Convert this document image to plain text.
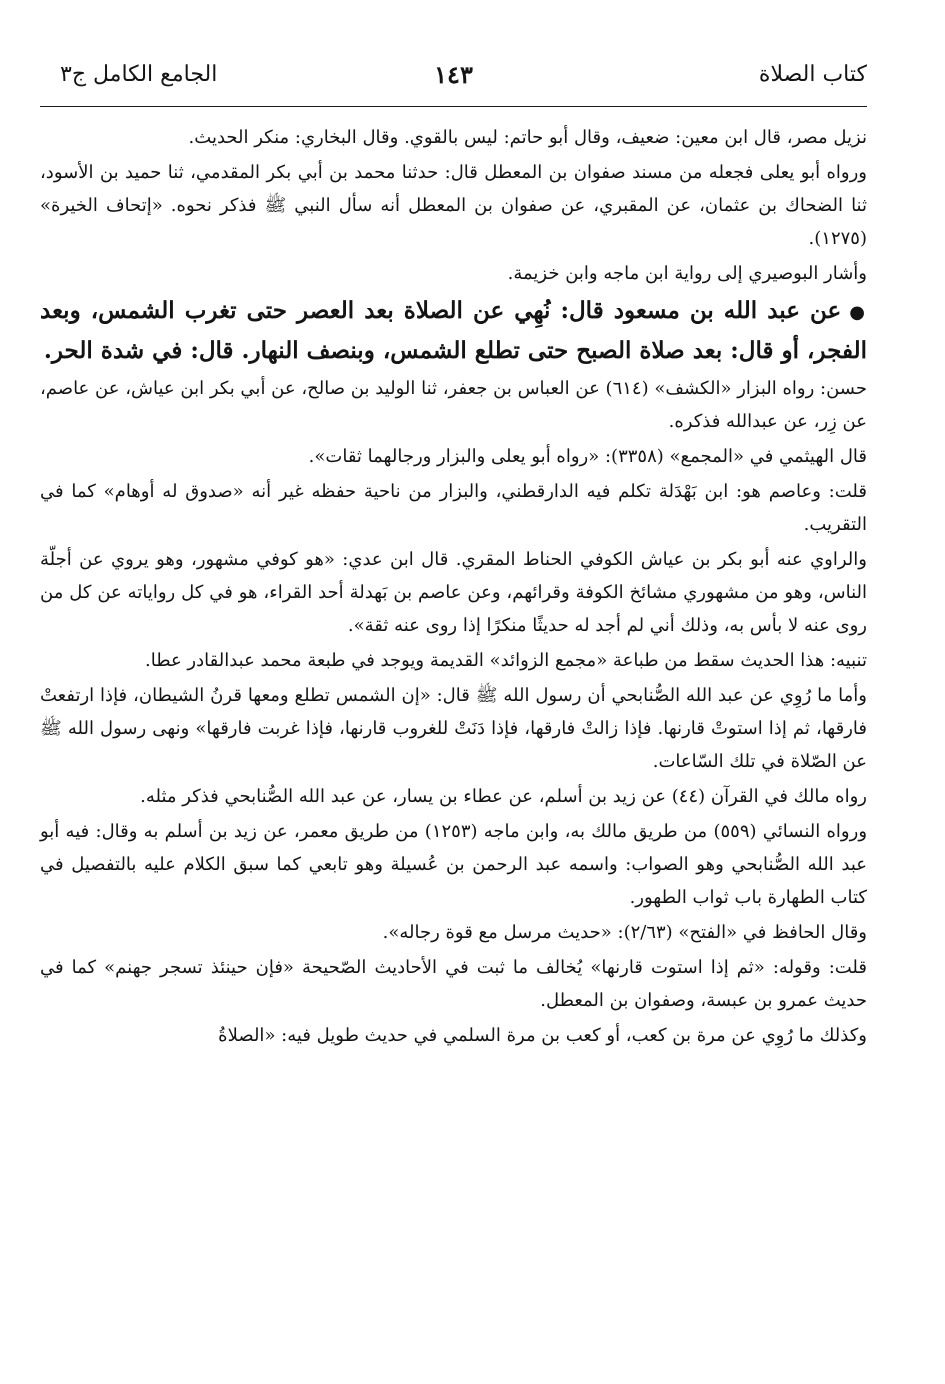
كتاب الصلاة
١٤٣
الجامع الكامل ج٣

نزيل مصر، قال ابن معين: ضعيف، وقال أبو حاتم: ليس بالقوي. وقال البخاري: منكر الحديث.

ورواه أبو يعلى فجعله من مسند صفوان بن المعطل قال: حدثنا محمد بن أبي بكر المقدمي، ثنا حميد بن الأسود، ثنا الضحاك بن عثمان، عن المقبري، عن صفوان بن المعطل أنه سأل النبي ﷺ فذكر نحوه. «إتحاف الخيرة» (١٢٧٥).

وأشار البوصيري إلى رواية ابن ماجه وابن خزيمة.

●عن عبد الله بن مسعود قال: نُهِي عن الصلاة بعد العصر حتى تغرب الشمس، وبعد الفجر، أو قال: بعد صلاة الصبح حتى تطلع الشمس، وبنصف النهار. قال: في شدة الحر.

حسن: رواه البزار «الكشف» (٦١٤) عن العباس بن جعفر، ثنا الوليد بن صالح، عن أبي بكر ابن عياش، عن عاصم، عن زِر، عن عبدالله فذكره.

قال الهيثمي في «المجمع» (٣٣٥٨): «رواه أبو يعلى والبزار ورجالهما ثقات».

قلت: وعاصم هو: ابن بَهْدَلة تكلم فيه الدارقطني، والبزار من ناحية حفظه غير أنه «صدوق له أوهام» كما في التقريب.

والراوي عنه أبو بكر بن عياش الكوفي الحناط المقري. قال ابن عدي: «هو كوفي مشهور، وهو يروي عن أجلّة الناس، وهو من مشهوري مشائخ الكوفة وقرائهم، وعن عاصم بن بَهدلة أحد القراء، هو في كل رواياته عن كل من روى عنه لا بأس به، وذلك أني لم أجد له حديثًا منكرًا إذا روى عنه ثقة».

تنبيه: هذا الحديث سقط من طباعة «مجمع الزوائد» القديمة ويوجد في طبعة محمد عبدالقادر عطا.

وأما ما رُوِي عن عبد الله الصُّنابحي أن رسول الله ﷺ قال: «إن الشمس تطلع ومعها قرنُ الشيطان، فإذا ارتفعتْ فارقها، ثم إذا استوتْ قارنها. فإذا زالتْ فارقها، فإذا دَنَتْ للغروب قارنها، فإذا غربت فارقها» ونهى رسول الله ﷺ عن الصّلاة في تلك السّاعات.

رواه مالك في القرآن (٤٤) عن زيد بن أسلم، عن عطاء بن يسار، عن عبد الله الصُّنابحي فذكر مثله.

ورواه النسائي (٥٥٩) من طريق مالك به، وابن ماجه (١٢٥٣) من طريق معمر، عن زيد بن أسلم به وقال: فيه أبو عبد الله الصُّنابحي وهو الصواب: واسمه عبد الرحمن بن عُسيلة وهو تابعي كما سبق الكلام عليه بالتفصيل في كتاب الطهارة باب ثواب الطهور.

وقال الحافظ في «الفتح» (٢/٦٣): «حديث مرسل مع قوة رجاله».

قلت: وقوله: «ثم إذا استوت قارنها» يُخالف ما ثبت في الأحاديث الصّحيحة «فإن حينئذ تسجر جهنم» كما في حديث عمرو بن عبسة، وصفوان بن المعطل.

وكذلك ما رُوِي عن مرة بن كعب، أو كعب بن مرة السلمي في حديث طويل فيه: «الصلاةُ
